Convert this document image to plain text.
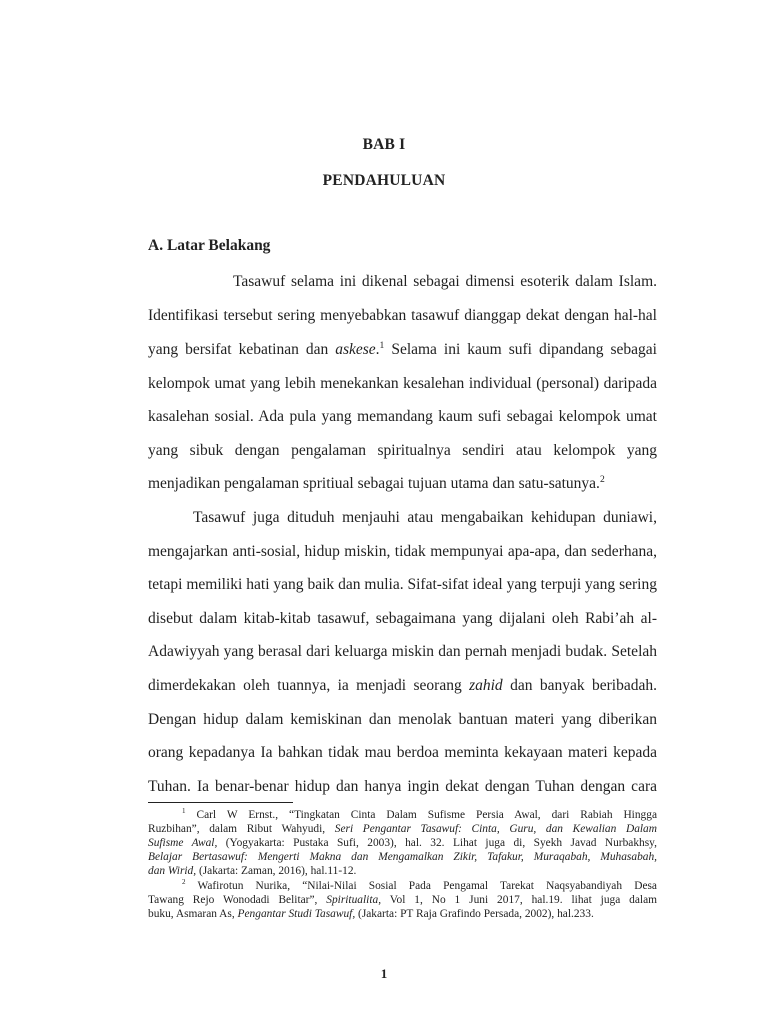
BAB I
PENDAHULUAN
A. Latar Belakang
Tasawuf selama ini dikenal sebagai dimensi esoterik dalam Islam.
Identifikasi tersebut sering menyebabkan tasawuf dianggap dekat dengan hal-hal
yang bersifat kebatinan dan askese.$^1$ Selama ini kaum sufi dipandang sebagai
kelompok umat yang lebih menekankan kesalehan individual (personal) daripada
kasalehan sosial. Ada pula yang memandang kaum sufi sebagai kelompok umat
yang sibuk dengan pengalaman spiritualnya sendiri atau kelompok yang
menjadikan pengalaman spritiual sebagai tujuan utama dan satu-satunya.$^2$
Tasawuf juga dituduh menjauhi atau mengabaikan kehidupan duniawi,
mengajarkan anti-sosial, hidup miskin, tidak mempunyai apa-apa, dan sederhana,
tetapi memiliki hati yang baik dan mulia. Sifat-sifat ideal yang terpuji yang sering
disebut dalam kitab-kitab tasawuf, sebagaimana yang dijalani oleh Rabi’ah al-
Adawiyyah yang berasal dari keluarga miskin dan pernah menjadi budak. Setelah
dimerdekakan oleh tuannya, ia menjadi seorang zahid dan banyak beribadah.
Dengan hidup dalam kemiskinan dan menolak bantuan materi yang diberikan
orang kepadanya Ia bahkan tidak mau berdoa meminta kekayaan materi kepada
Tuhan. Ia benar-benar hidup dan hanya ingin dekat dengan Tuhan dengan cara
$^1$ Carl W Ernst., “Tingkatan Cinta Dalam Sufisme Persia Awal, dari Rabiah Hingga
Ruzbihan”, dalam Ribut Wahyudi, Seri Pengantar Tasawuf: Cinta, Guru, dan Kewalian Dalam
Sufisme Awal, (Yogyakarta: Pustaka Sufi, 2003), hal. 32. Lihat juga di, Syekh Javad Nurbakhsy,
Belajar Bertasawuf: Mengerti Makna dan Mengamalkan Zikir, Tafakur, Muraqabah, Muhasabah,
dan Wirid, (Jakarta: Zaman, 2016), hal.11-12.
$^2$ Wafirotun Nurika, “Nilai-Nilai Sosial Pada Pengamal Tarekat Naqsyabandiyah Desa
Tawang Rejo Wonodadi Belitar”, Spiritualita, Vol 1, No 1 Juni 2017, hal.19. lihat juga dalam
buku, Asmaran As, Pengantar Studi Tasawuf, (Jakarta: PT Raja Grafindo Persada, 2002), hal.233.
1
